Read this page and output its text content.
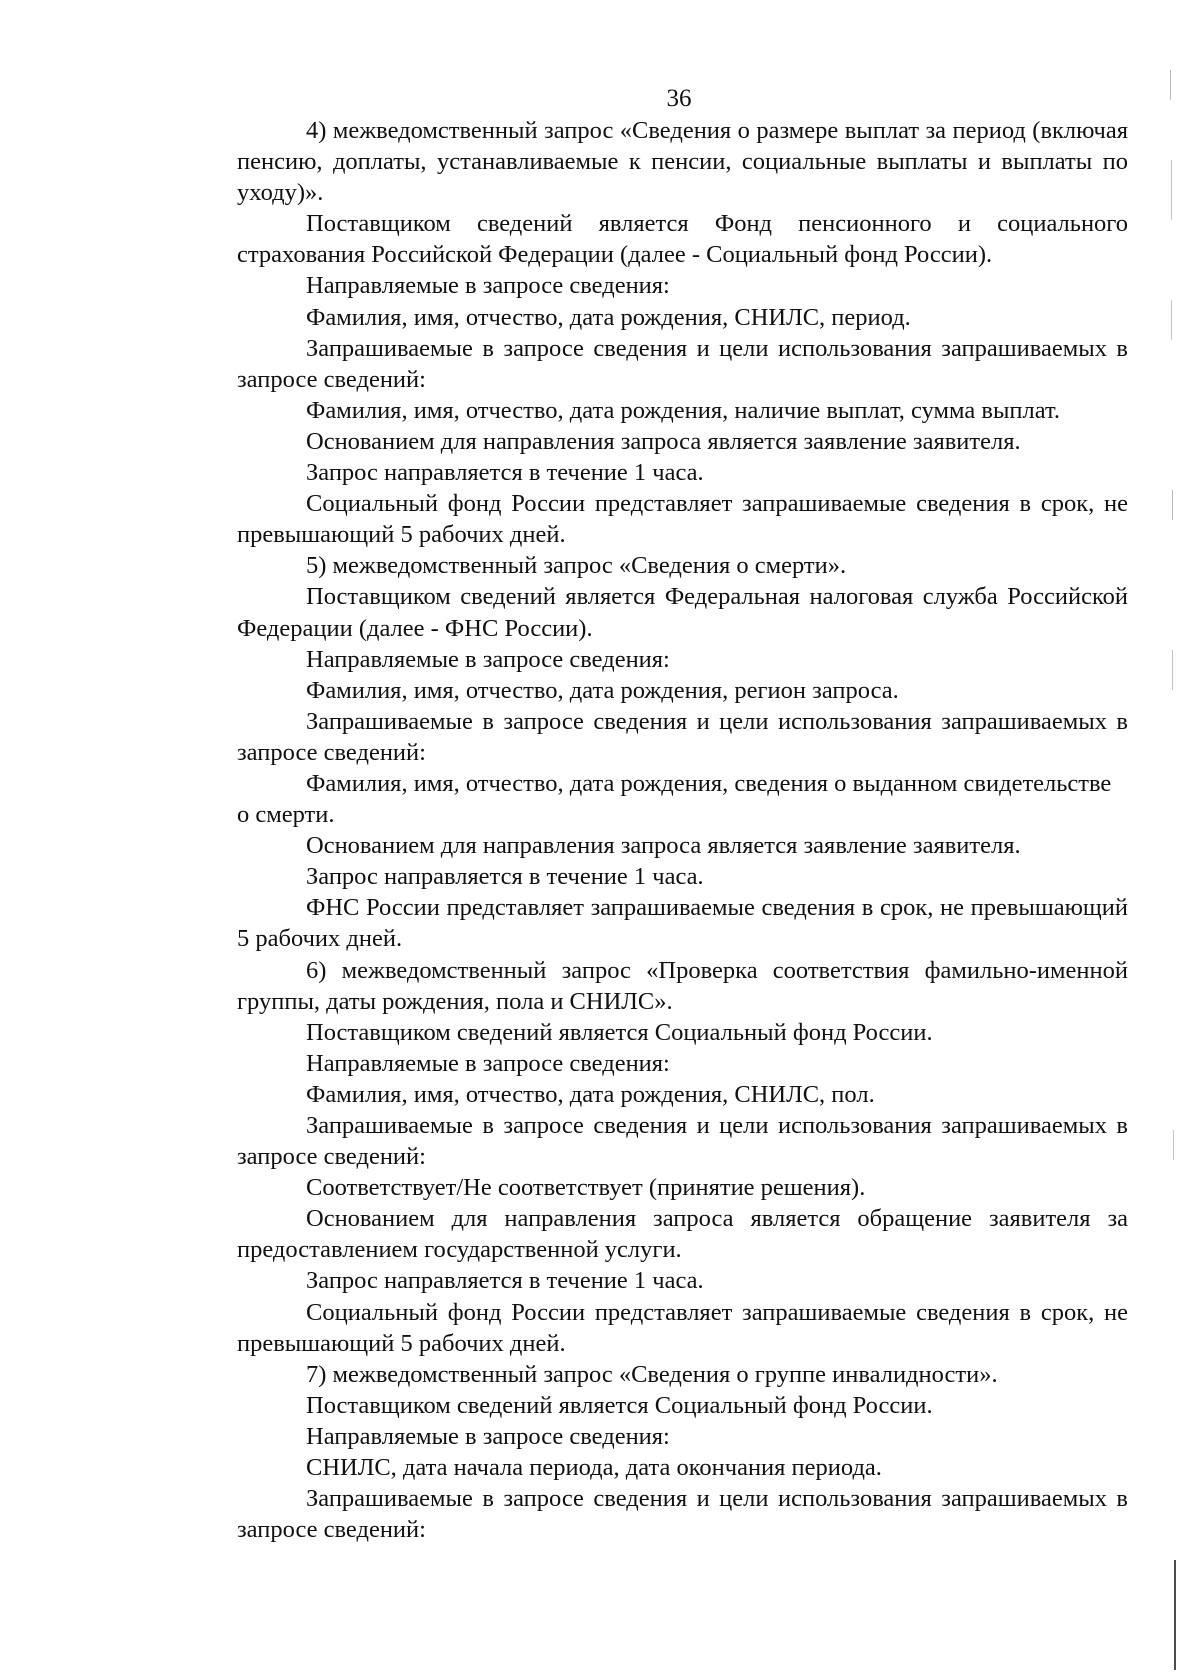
36

4) межведомственный запрос «Сведения о размере выплат за период (включая пенсию, доплаты, устанавливаемые к пенсии, социальные выплаты и выплаты по уходу)».

Поставщиком сведений является Фонд пенсионного и социального страхования Российской Федерации (далее - Социальный фонд России).

Направляемые в запросе сведения:

Фамилия, имя, отчество, дата рождения, СНИЛС, период.

Запрашиваемые в запросе сведения и цели использования запрашиваемых в запросе сведений:

Фамилия, имя, отчество, дата рождения, наличие выплат, сумма выплат.

Основанием для направления запроса является заявление заявителя.

Запрос направляется в течение 1 часа.

Социальный фонд России представляет запрашиваемые сведения в срок, не превышающий 5 рабочих дней.

5) межведомственный запрос «Сведения о смерти».

Поставщиком сведений является Федеральная налоговая служба Российской Федерации (далее - ФНС России).

Направляемые в запросе сведения:

Фамилия, имя, отчество, дата рождения, регион запроса.

Запрашиваемые в запросе сведения и цели использования запрашиваемых в запросе сведений:

Фамилия, имя, отчество, дата рождения, сведения о выданном свидетельстве о смерти.

Основанием для направления запроса является заявление заявителя.

Запрос направляется в течение 1 часа.

ФНС России представляет запрашиваемые сведения в срок, не превышающий 5 рабочих дней.

6) межведомственный запрос «Проверка соответствия фамильно-именной группы, даты рождения, пола и СНИЛС».

Поставщиком сведений является Социальный фонд России.

Направляемые в запросе сведения:

Фамилия, имя, отчество, дата рождения, СНИЛС, пол.

Запрашиваемые в запросе сведения и цели использования запрашиваемых в запросе сведений:

Соответствует/Не соответствует (принятие решения).

Основанием для направления запроса является обращение заявителя за предоставлением государственной услуги.

Запрос направляется в течение 1 часа.

Социальный фонд России представляет запрашиваемые сведения в срок, не превышающий 5 рабочих дней.

7) межведомственный запрос «Сведения о группе инвалидности».

Поставщиком сведений является Социальный фонд России.

Направляемые в запросе сведения:

СНИЛС, дата начала периода, дата окончания периода.

Запрашиваемые в запросе сведения и цели использования запрашиваемых в запросе сведений:
